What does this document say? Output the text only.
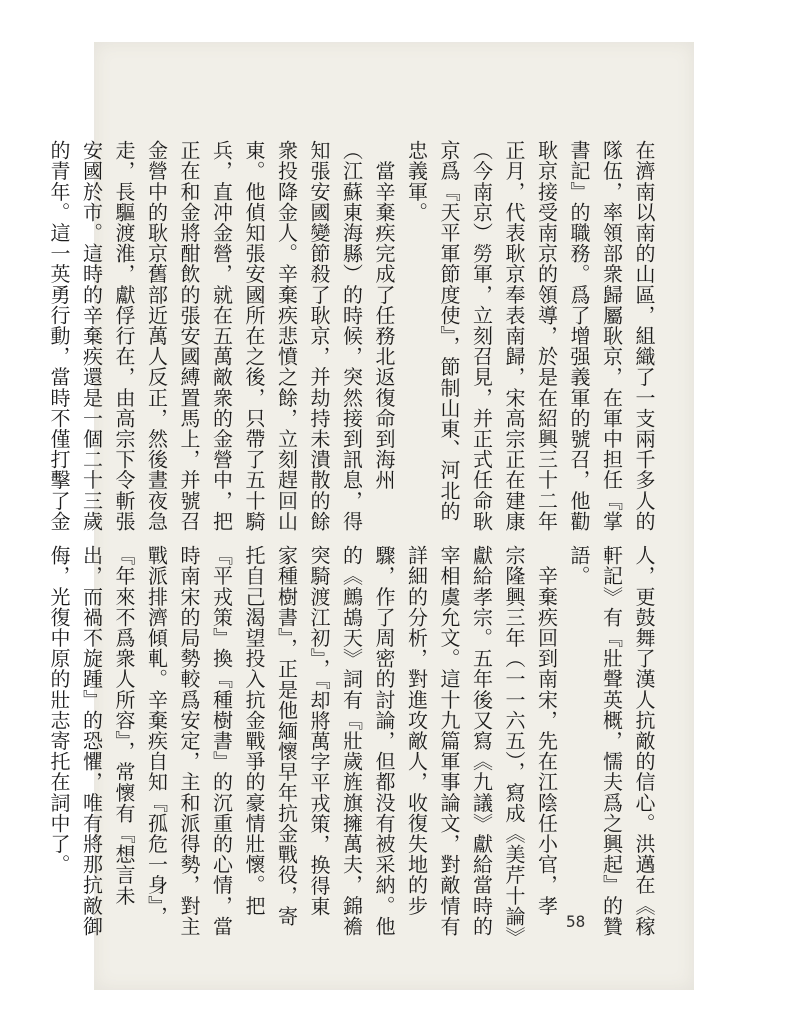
在濟南以南的山區，組織了一支兩千多人的
隊伍，率領部衆歸屬耿京，在軍中担任『掌
書記』的職務。爲了增强義軍的號召，他勸
耿京接受南京的領導，於是在紹興三十二年
正月，代表耿京奉表南歸，宋高宗正在建康
（今南京）勞軍，立刻召見，并正式任命耿
京爲『天平軍節度使』，節制山東、河北的
忠義軍。
　當辛棄疾完成了任務北返復命到海州
（江蘇東海縣）的時候，突然接到訊息，得
知張安國變節殺了耿京，并劫持未潰散的餘
衆投降金人。辛棄疾悲憤之餘，立刻趕回山
東。他偵知張安國所在之後，只帶了五十騎
兵，直冲金營，就在五萬敵衆的金營中，把
正在和金將酣飲的張安國縛置馬上，并號召
金營中的耿京舊部近萬人反正，然後晝夜急
走，長驅渡淮，獻俘行在，由高宗下令斬張
安國於市。這時的辛棄疾還是一個二十三歲
的青年。這一英勇行動，當時不僅打擊了金
人，更鼓舞了漢人抗敵的信心。洪邁在《稼
軒記》有『壯聲英概，懦夫爲之興起』的贊
語。
　辛棄疾回到南宋，先在江陰任小官，孝
宗隆興三年（一一六五），寫成《美芹十論》
獻給孝宗。五年後又寫《九議》獻給當時的
宰相虞允文。這十九篇軍事論文，對敵情有
詳細的分析，對進攻敵人，收復失地的步
驟，作了周密的討論，但都没有被采納。他
的《鷓鴣天》詞有『壯歲旌旗擁萬夫，錦襜
突騎渡江初』，『却將萬字平戎策，换得東
家種樹書』，正是他緬懷早年抗金戰役，寄
托自己渴望投入抗金戰爭的豪情壯懷。把
『平戎策』換『種樹書』的沉重的心情，當
時南宋的局勢較爲安定，主和派得勢，對主
戰派排濟傾軋。辛棄疾自知『孤危一身』，
『年來不爲衆人所容』，常懷有『想言未
出，而禍不旋踵』的恐懼，唯有將那抗敵御
侮，光復中原的壯志寄托在詞中了。
58
